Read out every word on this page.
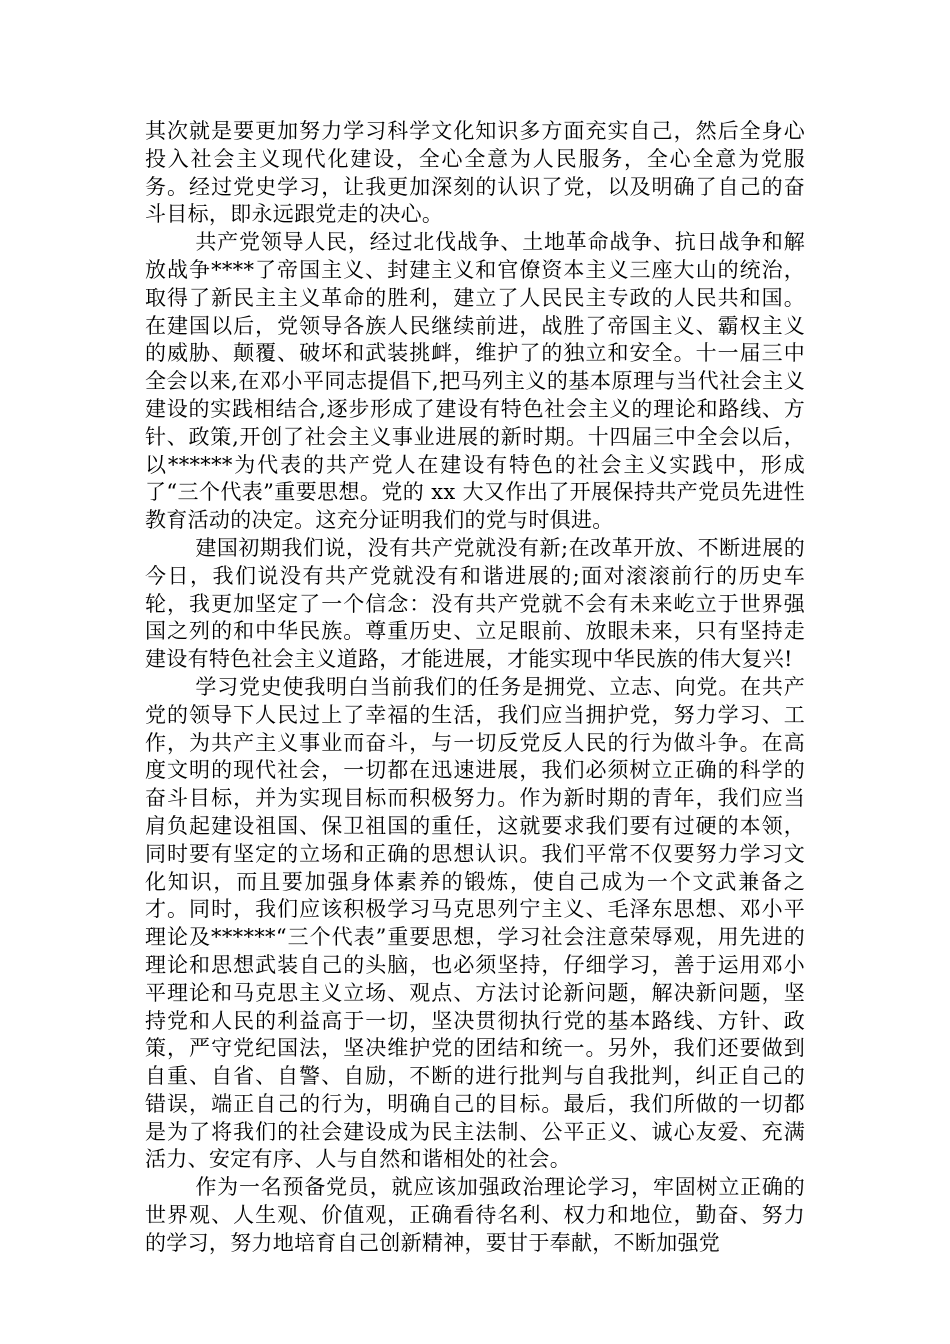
其次就是要更加努力学习科学文化知识多方面充实自己，然后全身心投入社会主义现代化建设，全心全意为人民服务，全心全意为党服务。经过党史学习，让我更加深刻的认识了党，以及明确了自己的奋斗目标，即永远跟党走的决心。

共产党领导人民，经过北伐战争、土地革命战争、抗日战争和解放战争****了帝国主义、封建主义和官僚资本主义三座大山的统治，取得了新民主主义革命的胜利，建立了人民民主专政的人民共和国。在建国以后，党领导各族人民继续前进，战胜了帝国主义、霸权主义的威胁、颠覆、破坏和武装挑衅，维护了的独立和安全。十一届三中全会以来,在邓小平同志提倡下,把马列主义的基本原理与当代社会主义建设的实践相结合,逐步形成了建设有特色社会主义的理论和路线、方针、政策,开创了社会主义事业进展的新时期。十四届三中全会以后，以******为代表的共产党人在建设有特色的社会主义实践中，形成了“三个代表”重要思想。党的 xx 大又作出了开展保持共产党员先进性教育活动的决定。这充分证明我们的党与时俱进。

建国初期我们说，没有共产党就没有新;在改革开放、不断进展的今日，我们说没有共产党就没有和谐进展的;面对滚滚前行的历史车轮，我更加坚定了一个信念：没有共产党就不会有未来屹立于世界强国之列的和中华民族。尊重历史、立足眼前、放眼未来，只有坚持走建设有特色社会主义道路，才能进展，才能实现中华民族的伟大复兴!

学习党史使我明白当前我们的任务是拥党、立志、向党。在共产党的领导下人民过上了幸福的生活，我们应当拥护党，努力学习、工作，为共产主义事业而奋斗，与一切反党反人民的行为做斗争。在高度文明的现代社会，一切都在迅速进展，我们必须树立正确的科学的奋斗目标，并为实现目标而积极努力。作为新时期的青年，我们应当肩负起建设祖国、保卫祖国的重任，这就要求我们要有过硬的本领，同时要有坚定的立场和正确的思想认识。我们平常不仅要努力学习文化知识，而且要加强身体素养的锻炼，使自己成为一个文武兼备之才。同时，我们应该积极学习马克思列宁主义、毛泽东思想、邓小平理论及******“三个代表”重要思想，学习社会注意荣辱观，用先进的理论和思想武装自己的头脑，也必须坚持，仔细学习，善于运用邓小平理论和马克思主义立场、观点、方法讨论新问题，解决新问题，坚持党和人民的利益高于一切，坚决贯彻执行党的基本路线、方针、政策，严守党纪国法，坚决维护党的团结和统一。另外，我们还要做到自重、自省、自警、自励，不断的进行批判与自我批判，纠正自己的错误，端正自己的行为，明确自己的目标。最后，我们所做的一切都是为了将我们的社会建设成为民主法制、公平正义、诚心友爱、充满活力、安定有序、人与自然和谐相处的社会。

作为一名预备党员，就应该加强政治理论学习，牢固树立正确的世界观、人生观、价值观，正确看待名利、权力和地位，勤奋、努力的学习，努力地培育自己创新精神，要甘于奉献，不断加强党
